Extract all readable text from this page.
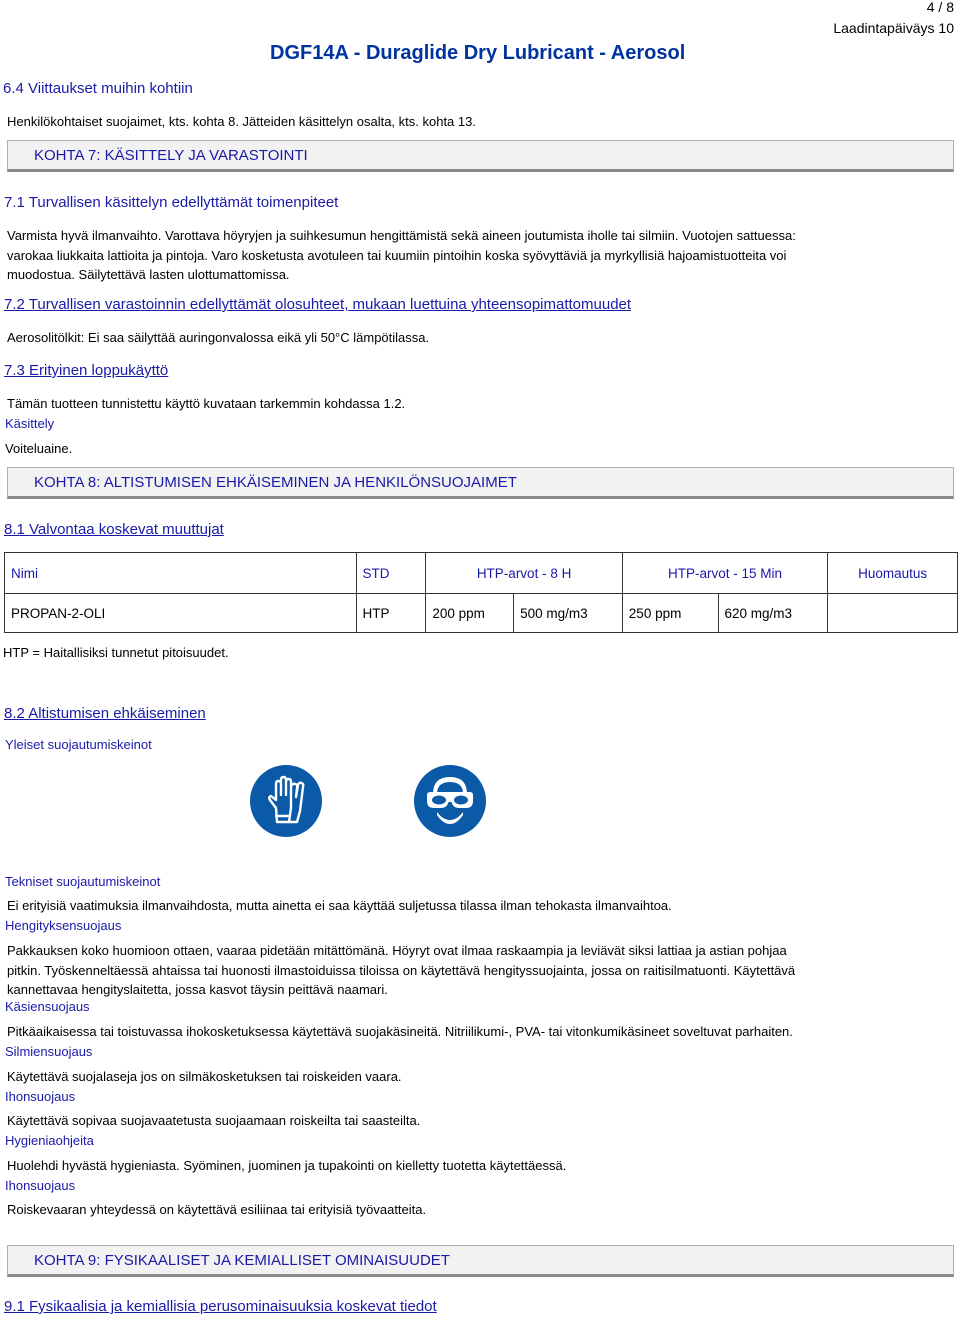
4 / 8
Laadintapäiväys 10
DGF14A - Duraglide Dry Lubricant - Aerosol
6.4 Viittaukset muihin kohtiin
Henkilökohtaiset suojaimet, kts. kohta 8. Jätteiden käsittelyn osalta, kts. kohta 13.
KOHTA 7: KÄSITTELY JA VARASTOINTI
7.1 Turvallisen käsittelyn edellyttämät toimenpiteet
Varmista hyvä ilmanvaihto. Varottava höyryjen ja suihkesumun hengittämistä sekä aineen joutumista iholle tai silmiin. Vuotojen sattuessa:
varokaa liukkaita lattioita ja pintoja. Varo kosketusta avotuleen tai kuumiin pintoihin koska syövyttäviä ja myrkyllisiä hajoamistuotteita voi
muodostua. Säilytettävä lasten ulottumattomissa.
7.2 Turvallisen varastoinnin edellyttämät olosuhteet, mukaan luettuina yhteensopimattomuudet
Aerosolitölkit: Ei saa säilyttää auringonvalossa eikä yli 50°C lämpötilassa.
7.3 Erityinen loppukäyttö
Tämän tuotteen tunnistettu käyttö kuvataan tarkemmin kohdassa 1.2.
Käsittely
Voiteluaine.
KOHTA 8: ALTISTUMISEN EHKÄISEMINEN JA HENKILÖNSUOJAIMET
8.1 Valvontaa koskevat muuttujat
Nimi	STD	HTP-arvot - 8 H		HTP-arvot - 15 Min		Huomautus
PROPAN-2-OLI	HTP	200 ppm	500 mg/m3	250 ppm	620 mg/m3	
HTP = Haitallisiksi tunnetut pitoisuudet.
8.2 Altistumisen ehkäiseminen
Yleiset suojautumiskeinot
Tekniset suojautumiskeinot
Ei erityisiä vaatimuksia ilmanvaihdosta, mutta ainetta ei saa käyttää suljetussa tilassa ilman tehokasta ilmanvaihtoa.
Hengityksensuojaus
Pakkauksen koko huomioon ottaen, vaaraa pidetään mitättömänä. Höyryt ovat ilmaa raskaampia ja leviävät siksi lattiaa ja astian pohjaa
pitkin. Työskenneltäessä ahtaissa tai huonosti ilmastoiduissa tiloissa on käytettävä hengityssuojainta, jossa on raitisilmatuonti. Käytettävä
kannettavaa hengityslaitetta, jossa kasvot täysin peittävä naamari.
Käsiensuojaus
Pitkäaikaisessa tai toistuvassa ihokosketuksessa käytettävä suojakäsineitä. Nitriilikumi-, PVA- tai vitonkumikäsineet soveltuvat parhaiten.
Silmiensuojaus
Käytettävä suojalaseja jos on silmäkosketuksen tai roiskeiden vaara.
Ihonsuojaus
Käytettävä sopivaa suojavaatetusta suojaamaan roiskeilta tai saasteilta.
Hygieniaohjeita
Huolehdi hyvästä hygieniasta. Syöminen, juominen ja tupakointi on kielletty tuotetta käytettäessä.
Ihonsuojaus
Roiskevaaran yhteydessä on käytettävä esiliinaa tai erityisiä työvaatteita.
KOHTA 9: FYSIKAALISET JA KEMIALLISET OMINAISUUDET
9.1 Fysikaalisia ja kemiallisia perusominaisuuksia koskevat tiedot
